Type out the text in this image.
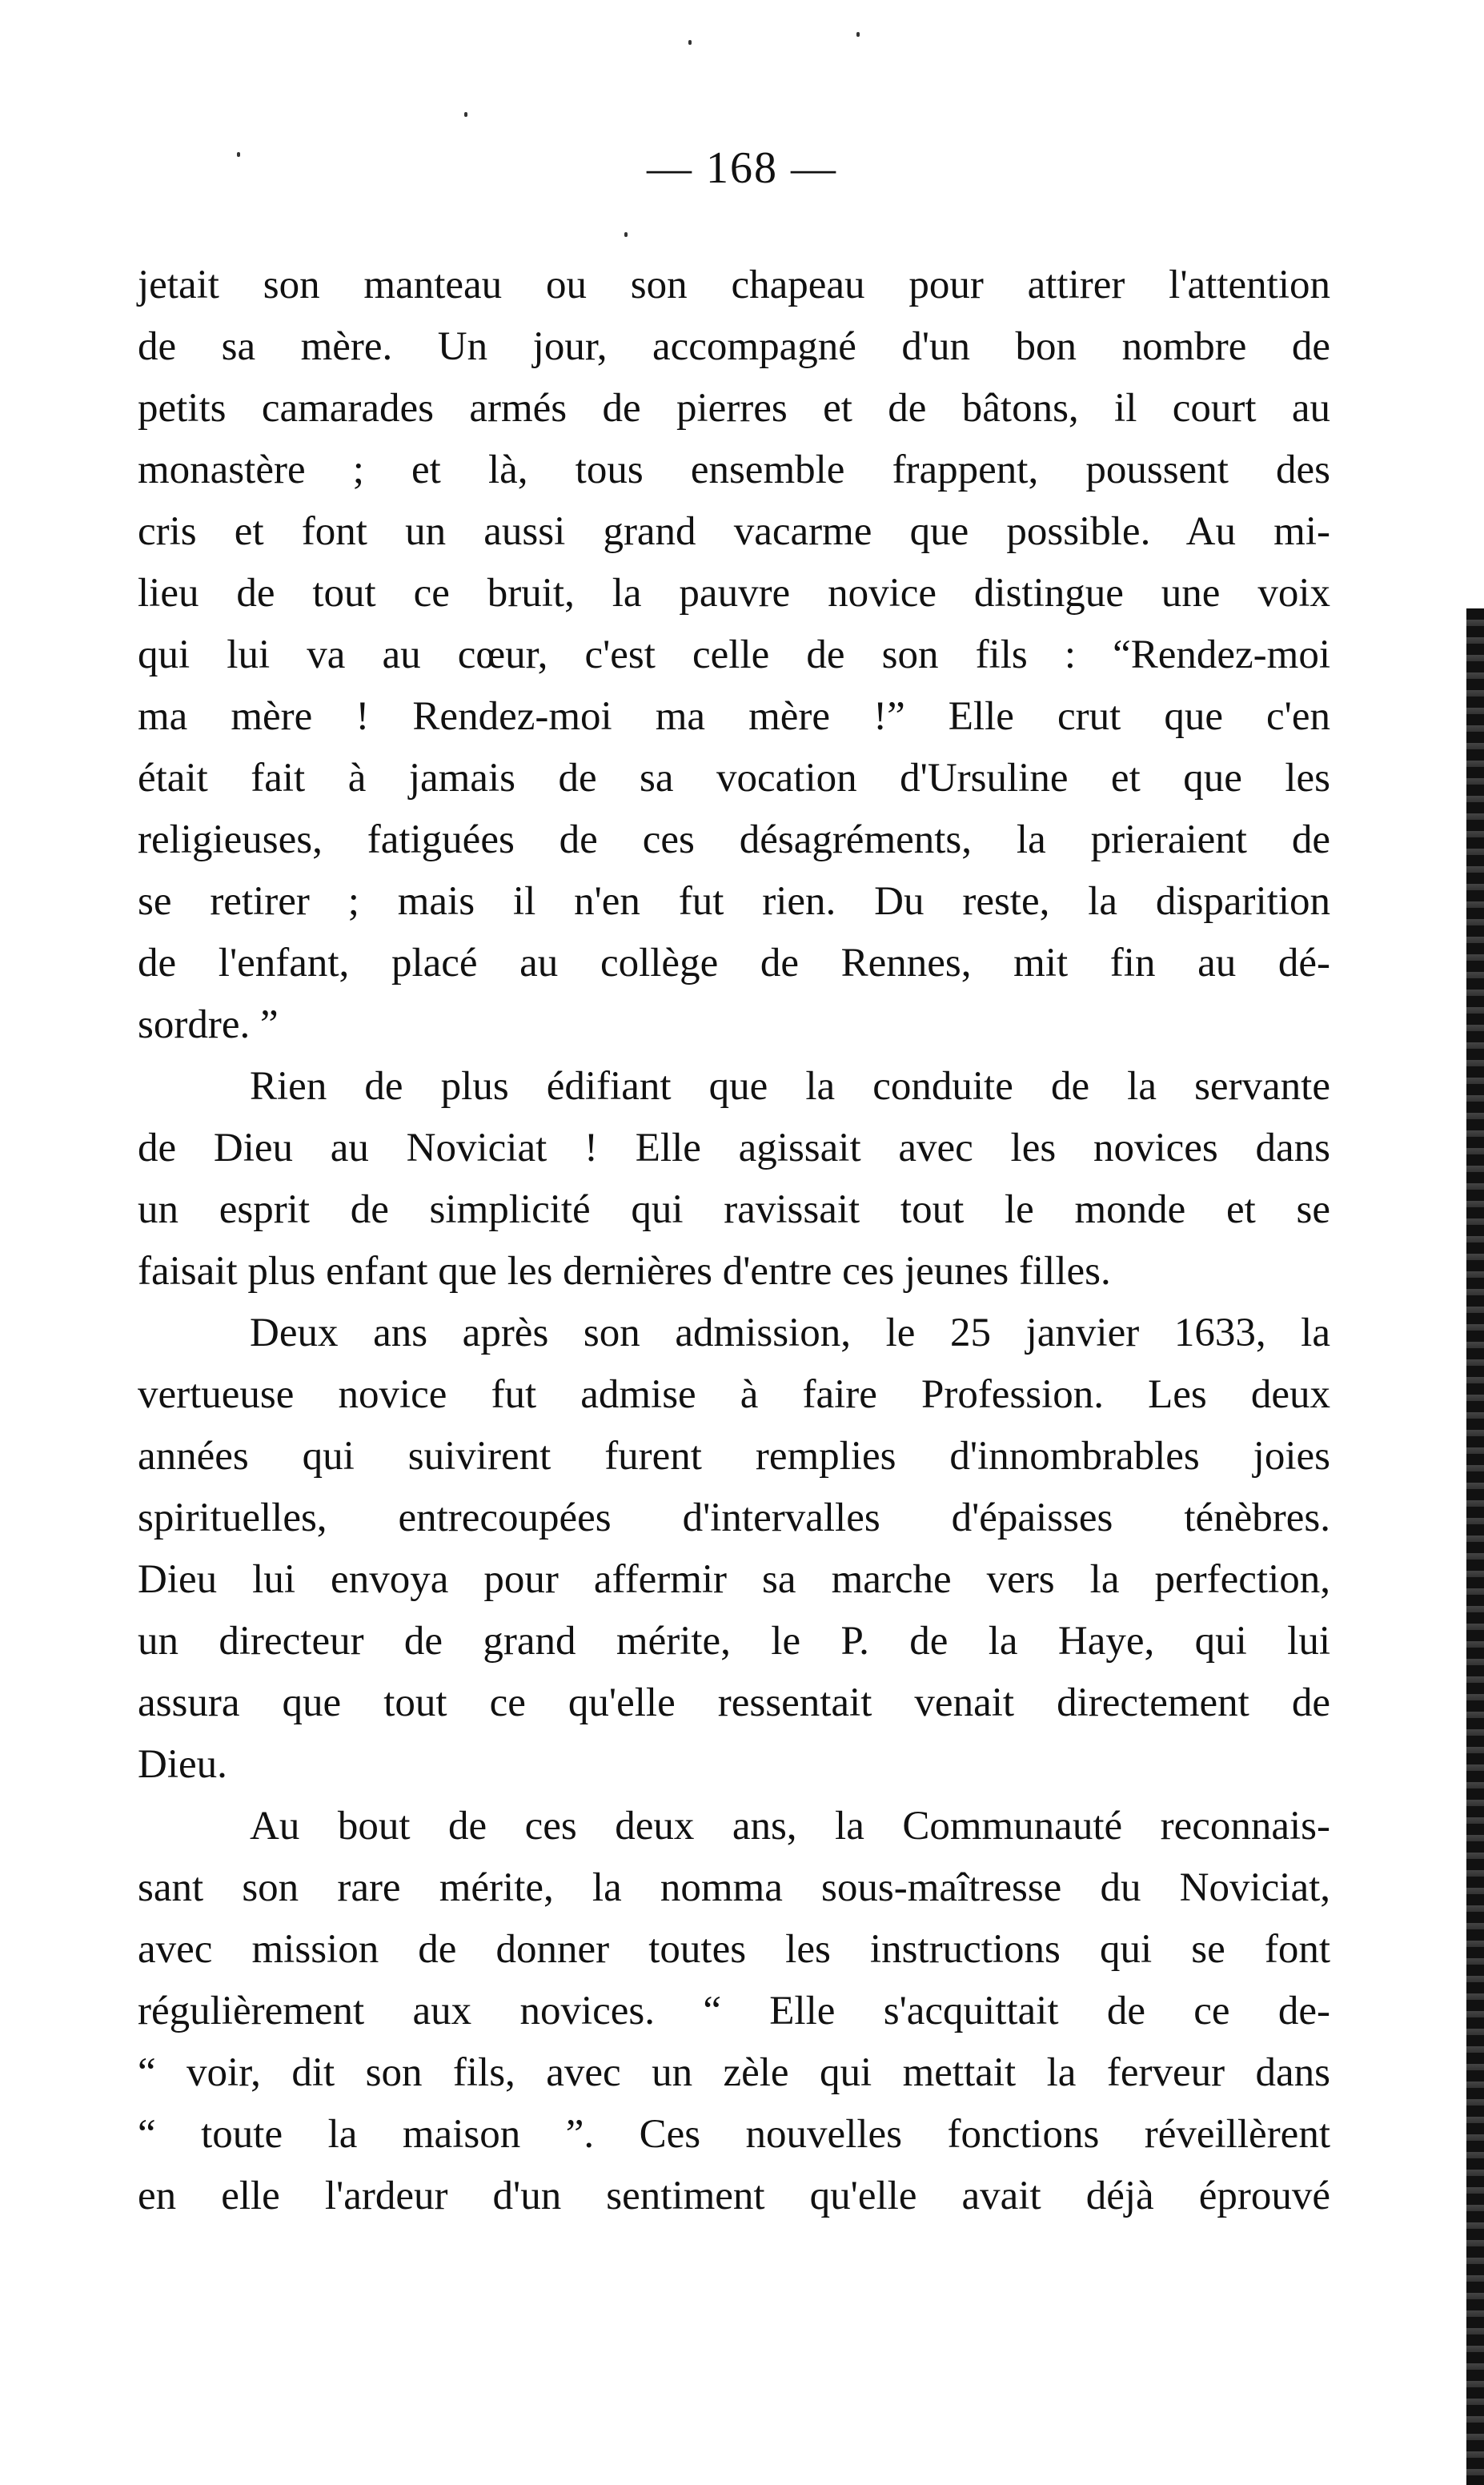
— 168 —
jetait son manteau ou son chapeau pour attirer l'attention
de sa mère. Un jour, accompagné d'un bon nombre de
petits camarades armés de pierres et de bâtons, il court au
monastère ; et là, tous ensemble frappent, poussent des
cris et font un aussi grand vacarme que possible. Au mi-
lieu de tout ce bruit, la pauvre novice distingue une voix
qui lui va au cœur, c'est celle de son fils : “Rendez-moi
ma mère ! Rendez-moi ma mère !” Elle crut que c'en
était fait à jamais de sa vocation d'Ursuline et que les
religieuses, fatiguées de ces désagréments, la prieraient de
se retirer ; mais il n'en fut rien. Du reste, la disparition
de l'enfant, placé au collège de Rennes, mit fin au dé-
sordre. ”
Rien de plus édifiant que la conduite de la servante
de Dieu au Noviciat ! Elle agissait avec les novices dans
un esprit de simplicité qui ravissait tout le monde et se
faisait plus enfant que les dernières d'entre ces jeunes filles.
Deux ans après son admission, le 25 janvier 1633, la
vertueuse novice fut admise à faire Profession. Les deux
années qui suivirent furent remplies d'innombrables joies
spirituelles, entrecoupées d'intervalles d'épaisses ténèbres.
Dieu lui envoya pour affermir sa marche vers la perfection,
un directeur de grand mérite, le P. de la Haye, qui lui
assura que tout ce qu'elle ressentait venait directement de
Dieu.
Au bout de ces deux ans, la Communauté reconnais-
sant son rare mérite, la nomma sous-maîtresse du Noviciat,
avec mission de donner toutes les instructions qui se font
régulièrement aux novices. “ Elle s'acquittait de ce de-
“ voir, dit son fils, avec un zèle qui mettait la ferveur dans
“ toute la maison ”. Ces nouvelles fonctions réveillèrent
en elle l'ardeur d'un sentiment qu'elle avait déjà éprouvé
